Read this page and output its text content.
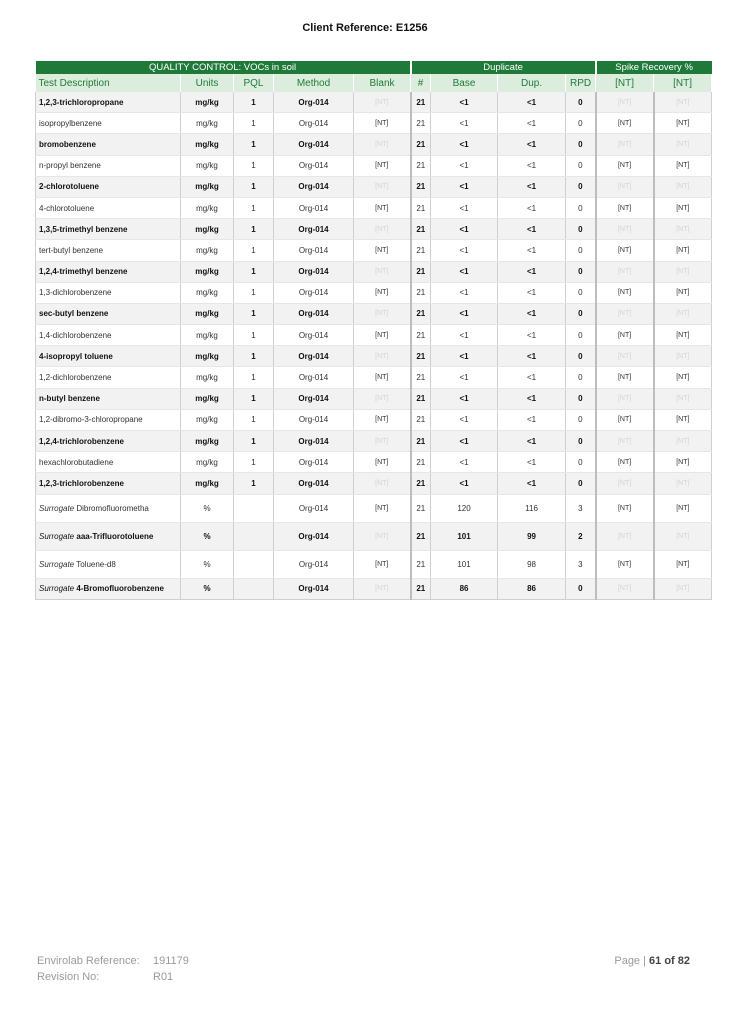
Client Reference: E1256
QUALITY CONTROL: VOCs in soil					Duplicate				Spike Recovery %	
Test Description	Units	PQL	Method	Blank	#	Base	Dup.	RPD	[NT]	[NT]
1,2,3-trichloropropane	mg/kg	1	Org-014	[NT]	21	<1	<1	0	[NT]	[NT]
isopropylbenzene	mg/kg	1	Org-014	[NT]	21	<1	<1	0	[NT]	[NT]
bromobenzene	mg/kg	1	Org-014	[NT]	21	<1	<1	0	[NT]	[NT]
n-propyl benzene	mg/kg	1	Org-014	[NT]	21	<1	<1	0	[NT]	[NT]
2-chlorotoluene	mg/kg	1	Org-014	[NT]	21	<1	<1	0	[NT]	[NT]
4-chlorotoluene	mg/kg	1	Org-014	[NT]	21	<1	<1	0	[NT]	[NT]
1,3,5-trimethyl benzene	mg/kg	1	Org-014	[NT]	21	<1	<1	0	[NT]	[NT]
tert-butyl benzene	mg/kg	1	Org-014	[NT]	21	<1	<1	0	[NT]	[NT]
1,2,4-trimethyl benzene	mg/kg	1	Org-014	[NT]	21	<1	<1	0	[NT]	[NT]
1,3-dichlorobenzene	mg/kg	1	Org-014	[NT]	21	<1	<1	0	[NT]	[NT]
sec-butyl benzene	mg/kg	1	Org-014	[NT]	21	<1	<1	0	[NT]	[NT]
1,4-dichlorobenzene	mg/kg	1	Org-014	[NT]	21	<1	<1	0	[NT]	[NT]
4-isopropyl toluene	mg/kg	1	Org-014	[NT]	21	<1	<1	0	[NT]	[NT]
1,2-dichlorobenzene	mg/kg	1	Org-014	[NT]	21	<1	<1	0	[NT]	[NT]
n-butyl benzene	mg/kg	1	Org-014	[NT]	21	<1	<1	0	[NT]	[NT]
1,2-dibromo-3-chloropropane	mg/kg	1	Org-014	[NT]	21	<1	<1	0	[NT]	[NT]
1,2,4-trichlorobenzene	mg/kg	1	Org-014	[NT]	21	<1	<1	0	[NT]	[NT]
hexachlorobutadiene	mg/kg	1	Org-014	[NT]	21	<1	<1	0	[NT]	[NT]
1,2,3-trichlorobenzene	mg/kg	1	Org-014	[NT]	21	<1	<1	0	[NT]	[NT]
Surrogate Dibromofluorometha	%		Org-014	[NT]	21	120	116	3	[NT]	[NT]
Surrogate aaa-Trifluorotoluene	%		Org-014	[NT]	21	101	99	2	[NT]	[NT]
Surrogate Toluene-d8	%		Org-014	[NT]	21	101	98	3	[NT]	[NT]
Surrogate 4-Bromofluorobenzene	%		Org-014	[NT]	21	86	86	0	[NT]	[NT]
Envirolab Reference:	191179
Revision No:	R01
Page | 61 of 82
